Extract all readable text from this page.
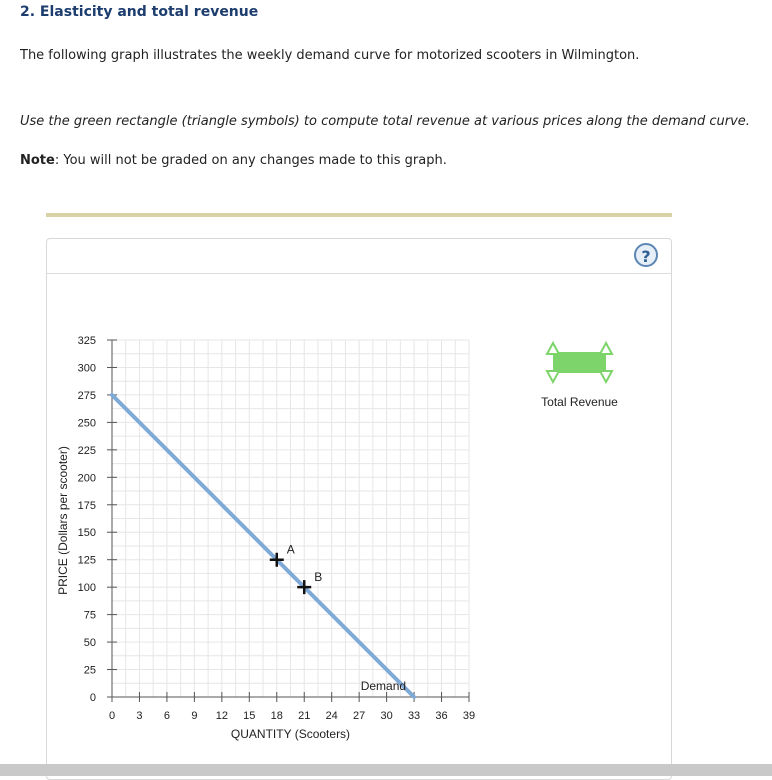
2. Elasticity and total revenue
The following graph illustrates the weekly demand curve for motorized scooters in Wilmington.
Use the green rectangle (triangle symbols) to compute total revenue at various prices along the demand curve.
Note: You will not be graded on any changes made to this graph.
?
0 3 6 9 12 15 18 21 24 27 30 33 36 39
0
25
50
75
100
125
150
175
200
225
250
275
300
325
QUANTITY (Scooters)
PRICE (Dollars per scooter)
Demand
A
B
Total Revenue
